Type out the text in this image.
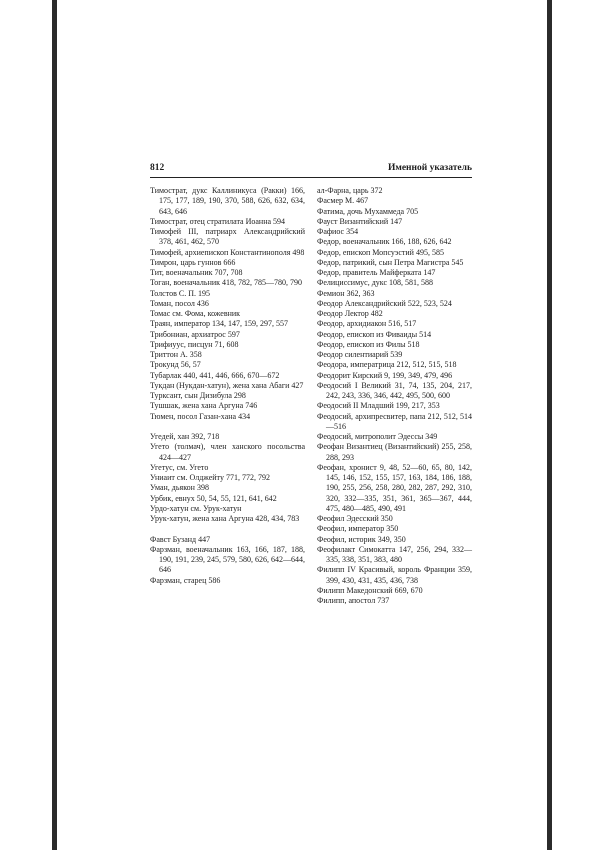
812	Именной указатель
Тимострат, дукс Каллиникуса (Ракки) 166, 175, 177, 189, 190, 370, 588, 626, 632, 634, 643, 646
Тимострат, отец стратилата Иоанна 594
Тимофей III, патриарх Александрийский 378, 461, 462, 570
Тимофей, архиепископ Константинополя 498
Тимрон, царь гуннов 666
Тит, военачальник 707, 708
Тоган, военачальник 418, 782, 785—780, 790
Толстов С. П. 195
Томан, посол 436
Томас см. Фома, кожевник
Траян, император 134, 147, 159, 297, 557
Трибониан, архиатрос 597
Трифиуус, писцун 71, 608
Триттон А. 358
Трокунд 56, 57
Тубарлак 440, 441, 446, 666, 670—672
Тукдан (Нукдан-хатун), жена хана Абаги 427
Турксант, сын Дизибула 298
Тушшак, жена хана Аргуна 746
Тюмен, посол Газан-хана 434
Угедей, хан 392, 718
Угето (толмач), член ханского посольства 424—427
Угетус, см. Угето
Униаит см. Олджейту 771, 772, 792
Уман, дьякон 398
Урбик, евнух 50, 54, 55, 121, 641, 642
Урдо-хатун см. Урук-хатун
Урук-хатун, жена хана Аргуна 428, 434, 783
Фавст Бузанд 447
Фарзман, военачальник 163, 166, 187, 188, 190, 191, 239, 245, 579, 580, 626, 642—644, 646
Фарзман, старец 586
ал-Фарна, царь 372
Фасмер М. 467
Фатима, дочь Мухаммеда 705
Фауст Византийский 147
Фафиос 354
Федор, военачальник 166, 188, 626, 642
Федор, епископ Мопсуэстий 495, 585
Федор, патрикий, сын Петра Магистра 545
Федор, правитель Майферката 147
Фелициссимус, дукс 108, 581, 588
Фемион 362, 363
Феодор Александрийский 522, 523, 524
Феодор Лектор 482
Феодор, архидиакон 516, 517
Феодор, епископ из Фиваиды 514
Феодор, епископ из Филы 518
Феодор силентиарий 539
Феодора, императрица 212, 512, 515, 518
Феодорит Кирский 9, 199, 349, 479, 496
Феодосий I Великий 31, 74, 135, 204, 217, 242, 243, 336, 346, 442, 495, 500, 600
Феодосий II Младший 199, 217, 353
Феодосий, архипресвитер, папа 212, 512, 514—516
Феодосий, митрополит Эдессы 349
Феофан Византиец (Византийский) 255, 258, 288, 293
Феофан, хронист 9, 48, 52—60, 65, 80, 142, 145, 146, 152, 155, 157, 163, 184, 186, 188, 190, 255, 256, 258, 280, 282, 287, 292, 310, 320, 332—335, 351, 361, 365—367, 444, 475, 480—485, 490, 491
Феофил Эдесский 350
Феофил, император 350
Феофил, историк 349, 350
Феофилакт Симокатта 147, 256, 294, 332—335, 338, 351, 383, 480
Филипп IV Красивый, король Франции 359, 399, 430, 431, 435, 436, 738
Филипп Македонский 669, 670
Филипп, апостол 737
